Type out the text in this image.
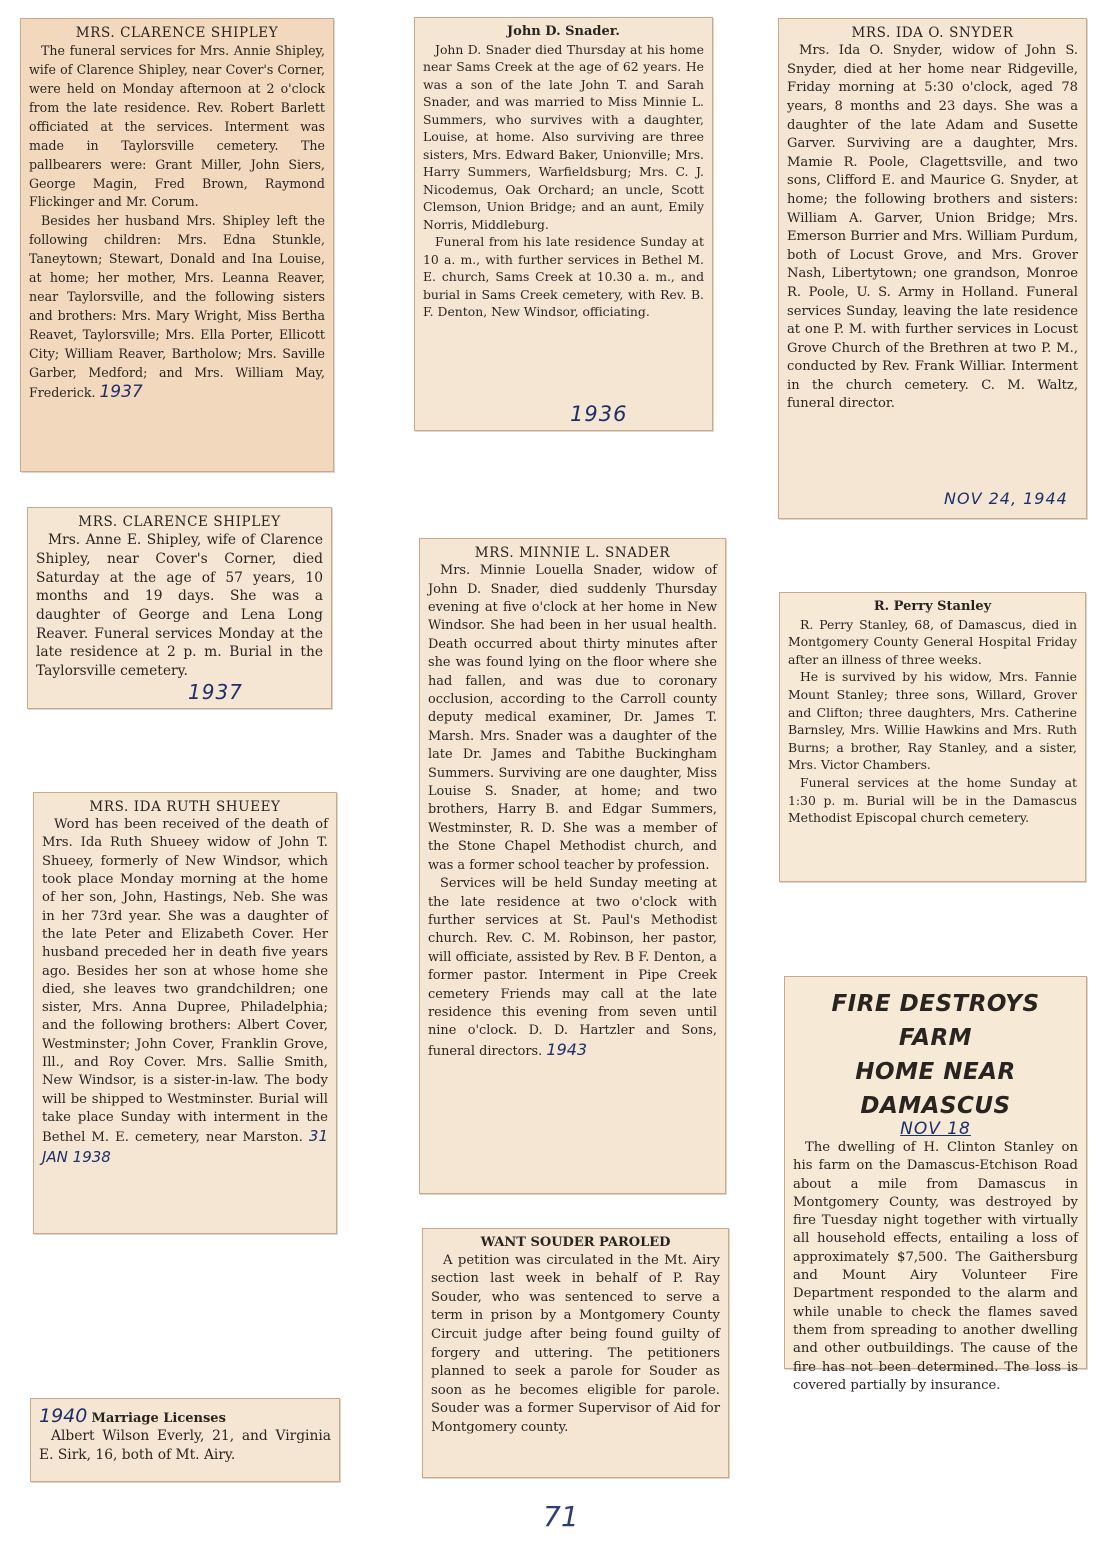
MRS. CLARENCE SHIPLEY

The funeral services for Mrs. Annie Shipley, wife of Clarence Shipley, near Cover's Corner, were held on Monday afternoon at 2 o'clock from the late residence. Rev. Robert Barlett officiated at the services. Interment was made in Taylorsville cemetery. The pallbearers were: Grant Miller, John Siers, George Magin, Fred Brown, Raymond Flickinger and Mr. Corum.

Besides her husband Mrs. Shipley left the following children: Mrs. Edna Stunkle, Taneytown; Stewart, Donald and Ina Louise, at home; her mother, Mrs. Leanna Reaver, near Taylorsville, and the following sisters and brothers: Mrs. Mary Wright, Miss Bertha Reavet, Taylorsville; Mrs. Ella Porter, Ellicott City; William Reaver, Bartholow; Mrs. Saville Garber, Medford; and Mrs. William May, Frederick. 1937

MRS. CLARENCE SHIPLEY

Mrs. Anne E. Shipley, wife of Clarence Shipley, near Cover's Corner, died Saturday at the age of 57 years, 10 months and 19 days. She was a daughter of George and Lena Long Reaver. Funeral services Monday at the late residence at 2 p. m. Burial in the Taylorsville cemetery.

1937
MRS. IDA RUTH SHUEEY

Word has been received of the death of Mrs. Ida Ruth Shueey widow of John T. Shueey, formerly of New Windsor, which took place Monday morning at the home of her son, John, Hastings, Neb. She was in her 73rd year. She was a daughter of the late Peter and Elizabeth Cover. Her husband preceded her in death five years ago. Besides her son at whose home she died, she leaves two grandchildren; one sister, Mrs. Anna Dupree, Philadelphia; and the following brothers: Albert Cover, Westminster; John Cover, Franklin Grove, Ill., and Roy Cover. Mrs. Sallie Smith, New Windsor, is a sister-in-law. The body will be shipped to Westminster. Burial will take place Sunday with interment in the Bethel M. E. cemetery, near Marston. 31 JAN 1938

1940 Marriage Licenses

Albert Wilson Everly, 21, and Virginia E. Sirk, 16, both of Mt. Airy.

John D. Snader.

John D. Snader died Thursday at his home near Sams Creek at the age of 62 years. He was a son of the late John T. and Sarah Snader, and was married to Miss Minnie L. Summers, who survives with a daughter, Louise, at home. Also surviving are three sisters, Mrs. Edward Baker, Unionville; Mrs. Harry Summers, Warfieldsburg; Mrs. C. J. Nicodemus, Oak Orchard; an uncle, Scott Clemson, Union Bridge; and an aunt, Emily Norris, Middleburg.

Funeral from his late residence Sunday at 10 a. m., with further services in Bethel M. E. church, Sams Creek at 10.30 a. m., and burial in Sams Creek cemetery, with Rev. B. F. Denton, New Windsor, officiating.

1936
MRS. MINNIE L. SNADER

Mrs. Minnie Louella Snader, widow of John D. Snader, died suddenly Thursday evening at five o'clock at her home in New Windsor. She had been in her usual health. Death occurred about thirty minutes after she was found lying on the floor where she had fallen, and was due to coronary occlusion, according to the Carroll county deputy medical examiner, Dr. James T. Marsh. Mrs. Snader was a daughter of the late Dr. James and Tabithe Buckingham Summers. Surviving are one daughter, Miss Louise S. Snader, at home; and two brothers, Harry B. and Edgar Summers, Westminster, R. D. She was a member of the Stone Chapel Methodist church, and was a former school teacher by profession.

Services will be held Sunday meeting at the late residence at two o'clock with further services at St. Paul's Methodist church. Rev. C. M. Robinson, her pastor, will officiate, assisted by Rev. B F. Denton, a former pastor. Interment in Pipe Creek cemetery Friends may call at the late residence this evening from seven until nine o'clock. D. D. Hartzler and Sons, funeral directors. 1943

WANT SOUDER PAROLED

A petition was circulated in the Mt. Airy section last week in behalf of P. Ray Souder, who was sentenced to serve a term in prison by a Montgomery County Circuit judge after being found guilty of forgery and uttering. The petitioners planned to seek a parole for Souder as soon as he becomes eligible for parole. Souder was a former Supervisor of Aid for Montgomery county.

MRS. IDA O. SNYDER

Mrs. Ida O. Snyder, widow of John S. Snyder, died at her home near Ridgeville, Friday morning at 5:30 o'clock, aged 78 years, 8 months and 23 days. She was a daughter of the late Adam and Susette Garver. Surviving are a daughter, Mrs. Mamie R. Poole, Clagettsville, and two sons, Clifford E. and Maurice G. Snyder, at home; the following brothers and sisters: William A. Garver, Union Bridge; Mrs. Emerson Burrier and Mrs. William Purdum, both of Locust Grove, and Mrs. Grover Nash, Libertytown; one grandson, Monroe R. Poole, U. S. Army in Holland. Funeral services Sunday, leaving the late residence at one P. M. with further services in Locust Grove Church of the Brethren at two P. M., conducted by Rev. Frank Williar. Interment in the church cemetery. C. M. Waltz, funeral director.

NOV 24, 1944
R. Perry Stanley

R. Perry Stanley, 68, of Damascus, died in Montgomery County General Hospital Friday after an illness of three weeks.

He is survived by his widow, Mrs. Fannie Mount Stanley; three sons, Willard, Grover and Clifton; three daughters, Mrs. Catherine Barnsley, Mrs. Willie Hawkins and Mrs. Ruth Burns; a brother, Ray Stanley, and a sister, Mrs. Victor Chambers.

Funeral services at the home Sunday at 1:30 p. m. Burial will be in the Damascus Methodist Episcopal church cemetery.

FIRE DESTROYS FARM
HOME NEAR DAMASCUS
NOV 18

The dwelling of H. Clinton Stanley on his farm on the Damascus-Etchison Road about a mile from Damascus in Montgomery County, was destroyed by fire Tuesday night together with virtually all household effects, entailing a loss of approximately $7,500. The Gaithersburg and Mount Airy Volunteer Fire Department responded to the alarm and while unable to check the flames saved them from spreading to another dwelling and other outbuildings. The cause of the fire has not been determined. The loss is covered partially by insurance.

71
